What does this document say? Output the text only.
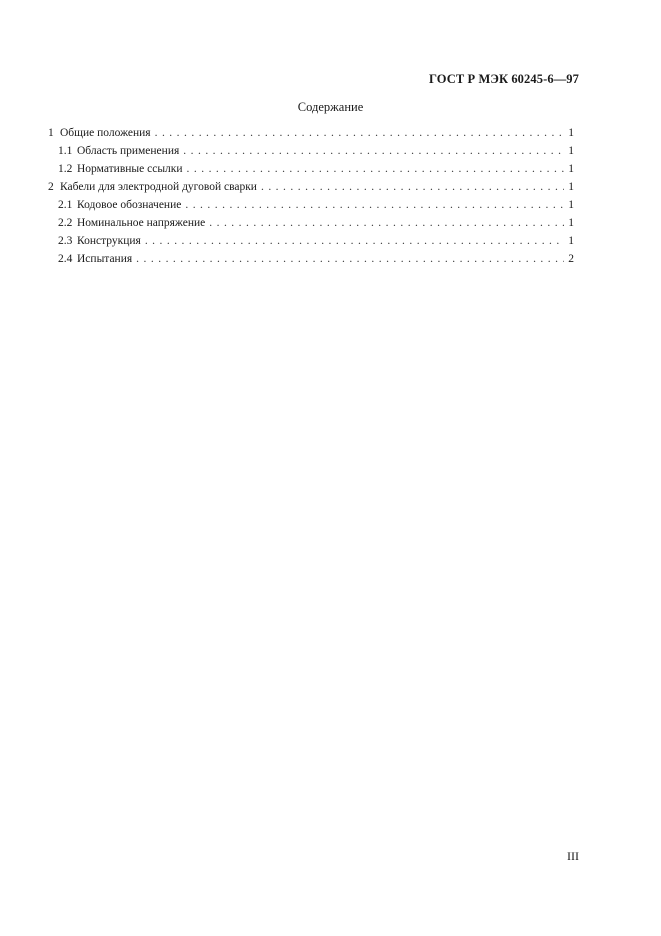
ГОСТ Р МЭК 60245-6—97
Содержание
1 Общие положения . . .	1
1.1 Область применения . . .	1
1.2 Нормативные ссылки . . .	1
2 Кабели для электродной дуговой сварки . . .	1
2.1 Кодовое обозначение . . .	1
2.2 Номинальное напряжение . . .	1
2.3 Конструкция . . .	1
2.4 Испытания . . .	2
III
